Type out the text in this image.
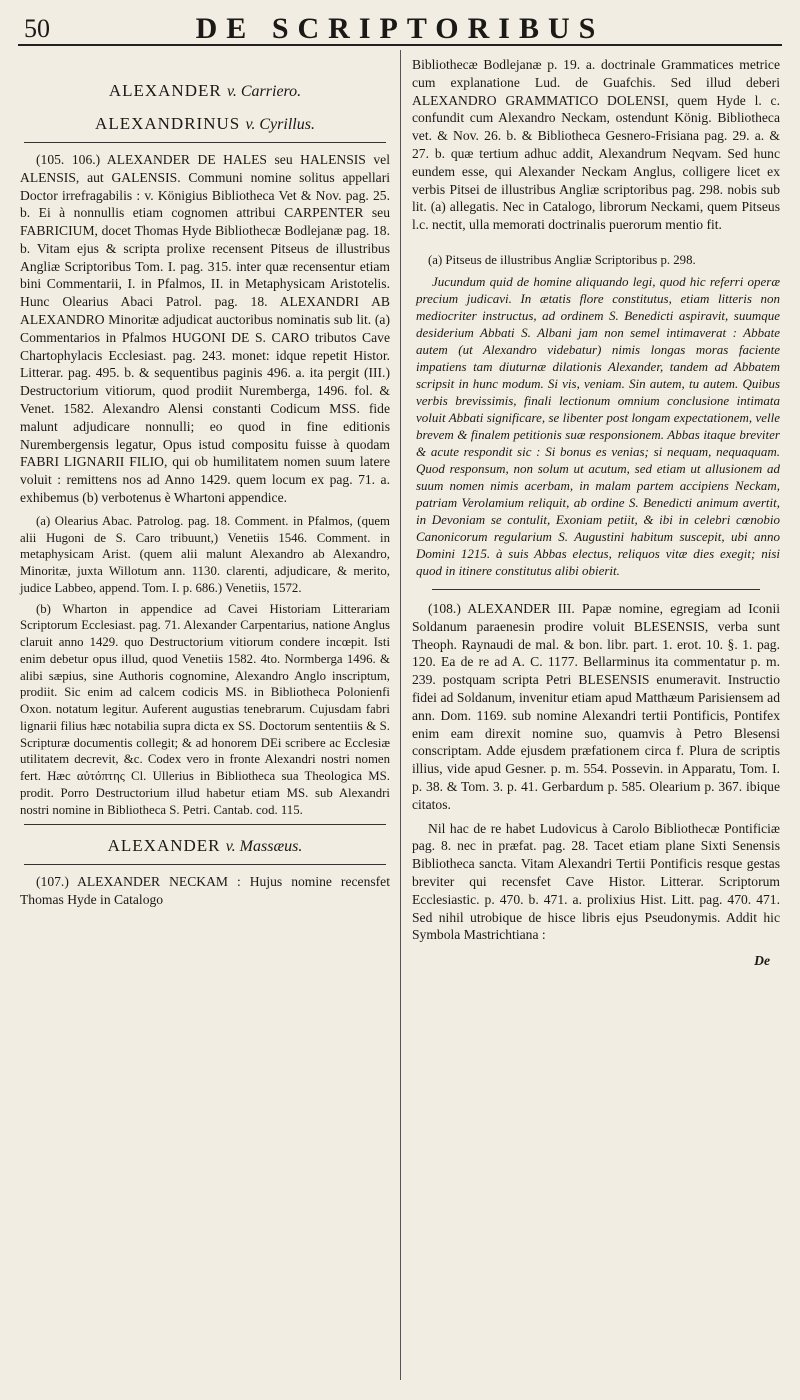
50	DE SCRIPTORIBUS
ALEXANDER v. Carriero.
ALEXANDRINUS v. Cyrillus.

(105. 106.) ALEXANDER DE HALES seu HALENSIS vel ALENSIS, aut GALENSIS. Communi nomine solitus appellari Doctor irrefragabilis : v. Königius Bibliotheca Vet & Nov. pag. 25. b. Ei à nonnullis etiam cognomen attribui CARPENTER seu FABRICIUM, docet Thomas Hyde Bibliothecæ Bodlejanæ pag. 18. b. Vitam ejus & scripta prolixe recensent Pitseus de illustribus Angliæ Scriptoribus Tom. I. pag. 315. inter quæ recensentur etiam bini Commentarii, I. in Pfalmos, II. in Metaphysicam Aristotelis. Hunc Olearius Abaci Patrol. pag. 18. ALEXANDRI AB ALEXANDRO Minoritæ adjudicat auctoribus nominatis sub lit. (a) Commentarios in Pfalmos HUGONI DE S. CARO tributos Cave Chartophylacis Ecclesiast. pag. 243. monet: idque repetit Histor. Litterar. pag. 495. b. & sequentibus paginis 496. a. ita pergit (III.) Destructorium vitiorum, quod prodiit Nuremberga, 1496. fol. & Venet. 1582. Alexandro Alensi constanti Codicum MSS. fide malunt adjudicare nonnulli; eo quod in fine editionis Nurembergensis legatur, Opus istud compositu fuisse à quodam FABRI LIGNARII FILIO, qui ob humilitatem nomen suum latere voluit : remittens nos ad Anno 1429. quem locum ex pag. 71. a. exhibemus (b) verbotenus è Whartoni appendice.

(a) Olearius Abac. Patrolog. pag. 18. Comment. in Pfalmos, (quem alii Hugoni de S. Caro tribuunt,) Venetiis 1546. Comment. in metaphysicam Arist. (quem alii malunt Alexandro ab Alexandro, Minoritæ, juxta Willotum ann. 1130. clarenti, adjudicare, & merito, judice Labbeo, append. Tom. I. p. 686.) Venetiis, 1572.

(b) Wharton in appendice ad Cavei Historiam Litterariam Scriptorum Ecclesiast. pag. 71. Alexander Carpentarius, natione Anglus claruit anno 1429. quo Destructorium vitiorum condere incœpit. Isti enim debetur opus illud, quod Venetiis 1582. 4to. Normberga 1496. & alibi sæpius, sine Authoris cognomine, Alexandro Anglo inscriptum, prodiit. Sic enim ad calcem codicis MS. in Bibliotheca Polonienfi Oxon. notatum legitur. Auferent augustias tenebrarum. Cujusdam fabri lignarii filius hæc notabilia supra dicta ex SS. Doctorum sententiis & S. Scripturæ documentis collegit; & ad honorem DEi scribere ac Ecclesiæ utilitatem decrevit, &c. Codex vero in fronte Alexandri nostri nomen fert. Hæc αὐτόπτης Cl. Ullerius in Bibliotheca sua Theologica MS. prodit. Porro Destructorium illud habetur etiam MS. sub Alexandri nostri nomine in Bibliotheca S. Petri. Cantab. cod. 115.

ALEXANDER v. Massæus.

(107.) ALEXANDER NECKAM : Hujus nomine recensfet Thomas Hyde in Catalogo

Bibliothecæ Bodlejanæ p. 19. a. doctrinale Grammatices metrice cum explanatione Lud. de Guafchis. Sed illud deberi ALEXANDRO GRAMMATICO DOLENSI, quem Hyde l. c. confundit cum Alexandro Neckam, ostendunt König. Bibliotheca vet. & Nov. 26. b. & Bibliotheca Gesnero-Frisiana pag. 29. a. & 27. b. quæ tertium adhuc addit, Alexandrum Neqvam. Sed hunc eundem esse, qui Alexander Neckam Anglus, colligere licet ex verbis Pitsei de illustribus Angliæ scriptoribus pag. 298. nobis sub lit. (a) allegatis. Nec in Catalogo, librorum Neckami, quem Pitseus l.c. nectit, ulla memorati doctrinalis puerorum mentio fit.

(a) Pitseus de illustribus Angliæ Scriptoribus p. 298.

Jucundum quid de homine aliquando legi, quod hic referri operæ precium judicavi. In ætatis flore constitutus, etiam litteris non mediocriter instructus, ad ordinem S. Benedicti aspiravit, suumque desiderium Abbati S. Albani jam non semel intimaverat : Abbate autem (ut Alexandro videbatur) nimis longas moras faciente impatiens tam diuturnæ dilationis Alexander, tandem ad Abbatem scripsit in hunc modum. Si vis, veniam. Sin autem, tu autem. Quibus verbis brevissimis, finali lectionum omnium conclusione intimata voluit Abbati significare, se libenter post longam expectationem, velle brevem & finalem petitionis suæ responsionem. Abbas itaque breviter & acute respondit sic : Si bonus es venias; si nequam, nequaquam. Quod responsum, non solum ut acutum, sed etiam ut allusionem ad suum nomen nimis acerbam, in malam partem accipiens Neckam, patriam Verolamium reliquit, ab ordine S. Benedicti animum avertit, in Devoniam se contulit, Exoniam petiit, & ibi in celebri cœnobio Canonicorum regularium S. Augustini habitum suscepit, ubi anno Domini 1215. à suis Abbas electus, reliquos vitæ dies exegit; nisi quod in itinere constitutus alibi obierit.

(108.) ALEXANDER III. Papæ nomine, egregiam ad Iconii Soldanum paraenesin prodire voluit BLESENSIS, verba sunt Theoph. Raynaudi de mal. & bon. libr. part. 1. erot. 10. §. 1. pag. 120. Ea de re ad A. C. 1177. Bellarminus ita commentatur p. m. 239. postquam scripta Petri BLESENSIS enumeravit. Instructio fidei ad Soldanum, invenitur etiam apud Matthæum Parisiensem ad ann. Dom. 1169. sub nomine Alexandri tertii Pontificis, Pontifex enim eam direxit nomine suo, quamvis à Petro Blesensi conscriptam. Adde ejusdem præfationem circa f. Plura de scriptis illius, vide apud Gesner. p. m. 554. Possevin. in Apparatu, Tom. I. p. 38. & Tom. 3. p. 41. Gerbardum p. 585. Olearium p. 367. ibique citatos.

Nil hac de re habet Ludovicus à Carolo Bibliothecæ Pontificiæ pag. 8. nec in præfat. pag. 28. Tacet etiam plane Sixti Senensis Bibliotheca sancta. Vitam Alexandri Tertii Pontificis resque gestas breviter qui recensfet Cave Histor. Litterar. Scriptorum Ecclesiastic. p. 470. b. 471. a. prolixius Hist. Litt. pag. 470. 471. Sed nihil utrobique de hisce libris ejus Pseudonymis. Addit hic Symbola Mastrichtiana :

De
